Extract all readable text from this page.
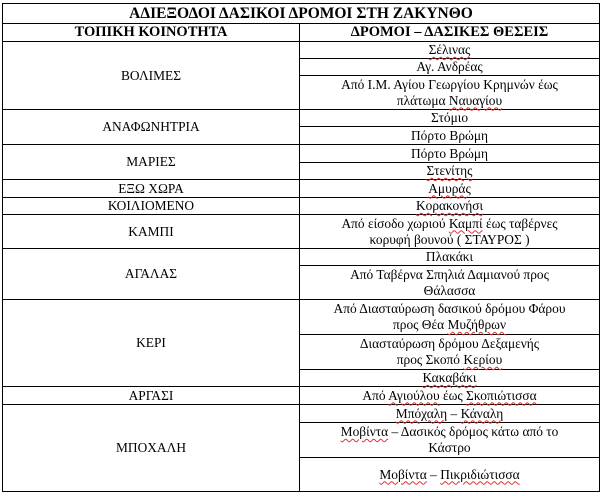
ΑΔΙΕΞΟΔΟΙ ΔΑΣΙΚΟΙ ΔΡΟΜΟΙ ΣΤΗ ΖΑΚΥΝΘΟ	
ΤΟΠΙΚΗ ΚΟΙΝΟΤΗΤΑ	ΔΡΟΜΟΙ – ΔΑΣΙΚΕΣ ΘΕΣΕΙΣ
ΒΟΛΙΜΕΣ	Σέλινας
	Αγ. Ανδρέας
	Από Ι.Μ. Αγίου Γεωργίου Κρημνών έως
πλάτωμα Ναυαγίου
ΑΝΑΦΩΝΗΤΡΙΑ	Στόμιο
	Πόρτο Βρώμη
ΜΑΡΙΕΣ	Πόρτο Βρώμη
	Στενίτης
ΕΞΩ ΧΩΡΑ	Αμυράς
ΚΟΙΛΙΟΜΕΝΟ	Κορακονήσι
ΚΑΜΠΙ	Από είσοδο χωριού Καμπί έως ταβέρνες
κορυφή βουνού ( ΣΤΑΥΡΟΣ )
ΑΓΑΛΑΣ	Πλακάκι
	Από Ταβέρνα Σπηλιά Δαμιανού προς
Θάλασσα
ΚΕΡΙ	Από Διασταύρωση δασικού δρόμου Φάρου
προς Θέα Μυζήθρων
	Διασταύρωση δρόμου Δεξαμενής
προς Σκοπό Κερίου
	Κακαβάκι
ΑΡΓΑΣΙ	Από Αγιούλου έως Σκοπιώτισσα
ΜΠΟΧΑΛΗ	Μπόχαλη – Κάναλη
	Μοβίντα – Δασικός δρόμος κάτω από το
Κάστρο
	Μοβίντα – Πικριδιώτισσα
